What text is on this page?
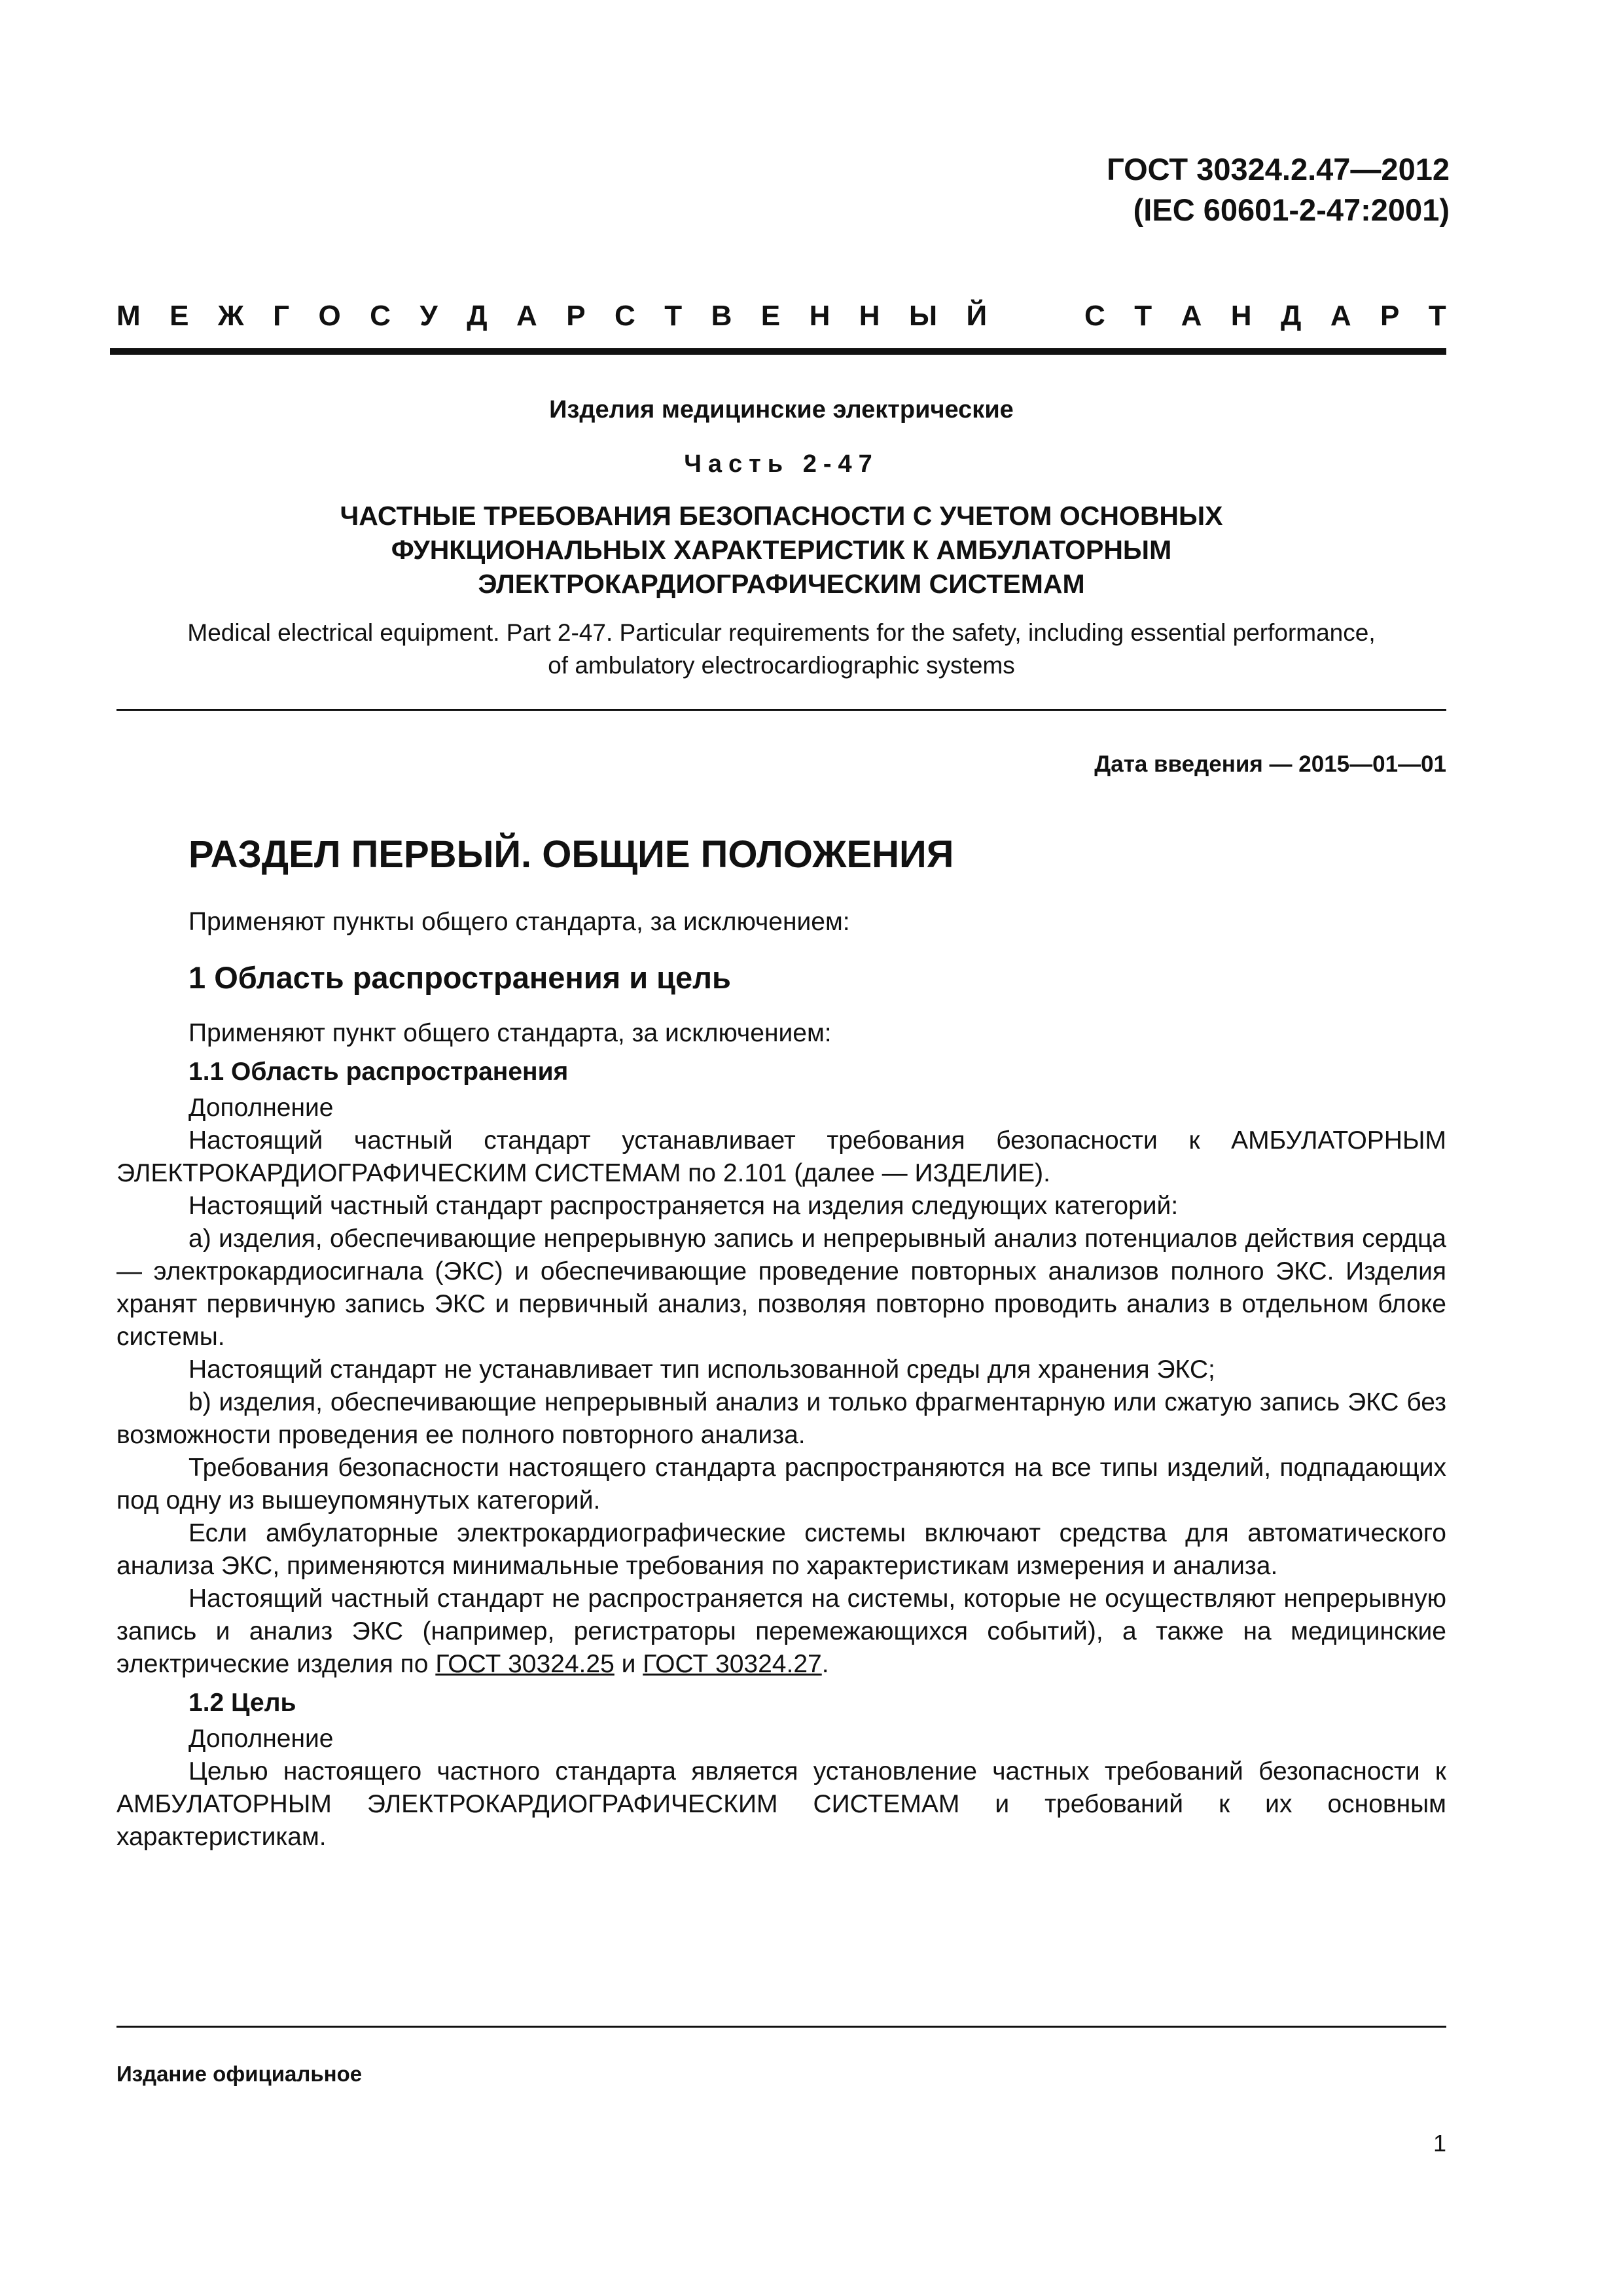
ГОСТ 30324.2.47—2012
(IEC 60601-2-47:2001)
М Е Ж Г О С У Д А Р С Т В Е Н Н Ы Й	С Т А Н Д А Р Т
Изделия медицинские электрические
Часть 2-47
ЧАСТНЫЕ ТРЕБОВАНИЯ БЕЗОПАСНОСТИ С УЧЕТОМ ОСНОВНЫХ
ФУНКЦИОНАЛЬНЫХ ХАРАКТЕРИСТИК К АМБУЛАТОРНЫМ
ЭЛЕКТРОКАРДИОГРАФИЧЕСКИМ СИСТЕМАМ
Medical electrical equipment. Part 2-47. Particular requirements for the safety, including essential performance,
of ambulatory electrocardiographic systems
Дата введения — 2015—01—01
РАЗДЕЛ ПЕРВЫЙ. ОБЩИЕ ПОЛОЖЕНИЯ
Применяют пункты общего стандарта, за исключением:
1 Область распространения и цель
Применяют пункт общего стандарта, за исключением:
1.1 Область распространения
Дополнение

Настоящий частный стандарт устанавливает требования безопасности к АМБУЛАТОРНЫМ ЭЛЕКТРОКАРДИОГРАФИЧЕСКИМ СИСТЕМАМ по 2.101 (далее — ИЗДЕЛИЕ).

Настоящий частный стандарт распространяется на изделия следующих категорий:

a) изделия, обеспечивающие непрерывную запись и непрерывный анализ потенциалов действия сердца — электрокардиосигнала (ЭКС) и обеспечивающие проведение повторных анализов полного ЭКС. Изделия хранят первичную запись ЭКС и первичный анализ, позволяя повторно проводить анализ в отдельном блоке системы.

Настоящий стандарт не устанавливает тип использованной среды для хранения ЭКС;

b) изделия, обеспечивающие непрерывный анализ и только фрагментарную или сжатую запись ЭКС без возможности проведения ее полного повторного анализа.

Требования безопасности настоящего стандарта распространяются на все типы изделий, подпадающих под одну из вышеупомянутых категорий.

Если амбулаторные электрокардиографические системы включают средства для автоматического анализа ЭКС, применяются минимальные требования по характеристикам измерения и анализа.

Настоящий частный стандарт не распространяется на системы, которые не осуществляют непрерывную запись и анализ ЭКС (например, регистраторы перемежающихся событий), а также на медицинские электрические изделия по ГОСТ 30324.25 и ГОСТ 30324.27.

1.2 Цель
Дополнение

Целью настоящего частного стандарта является установление частных требований безопасности к АМБУЛАТОРНЫМ ЭЛЕКТРОКАРДИОГРАФИЧЕСКИМ СИСТЕМАМ и требований к их основным характеристикам.

Издание официальное
1
